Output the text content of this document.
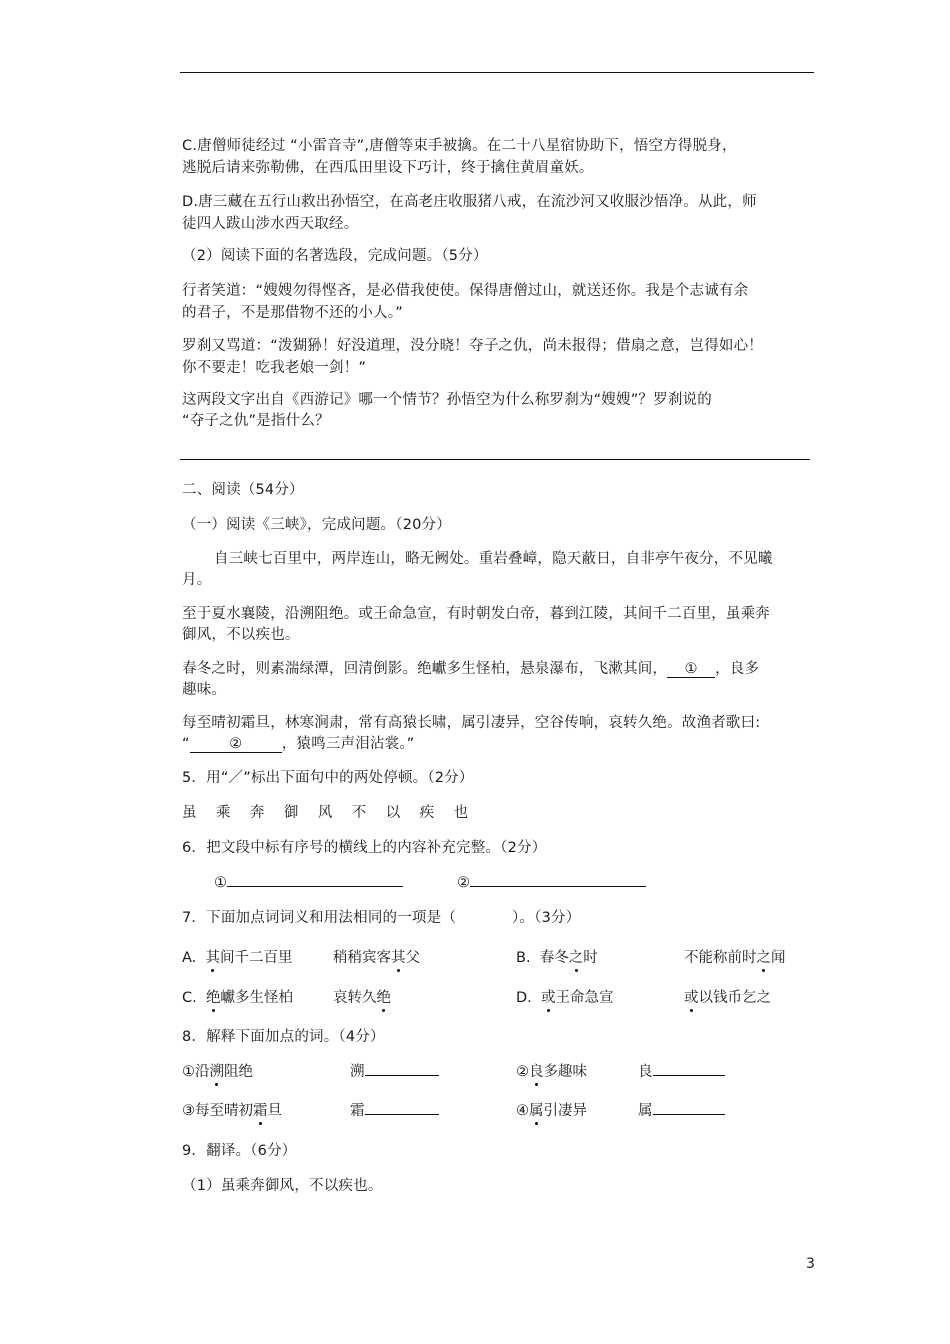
C.唐僧师徒经过 “小雷音寺”,唐僧等束手被擒。在二十八星宿协助下，悟空方得脱身，
逃脱后请来弥勒佛，在西瓜田里设下巧计，终于擒住黄眉童妖。
D.唐三藏在五行山救出孙悟空，在高老庄收服猪八戒，在流沙河又收服沙悟净。从此，师
徒四人跋山涉水西天取经。
（2）阅读下面的名著选段，完成问题。（5分）
行者笑道：“嫂嫂勿得悭吝，是必借我使使。保得唐僧过山，就送还你。我是个志诚有余
的君子，不是那借物不还的小人。”
罗刹又骂道：“泼猢狲！好没道理，没分晓！夺子之仇，尚未报得；借扇之意，岂得如心！
你不要走！吃我老娘一剑！”
这两段文字出自《西游记》哪一个情节？孙悟空为什么称罗刹为“嫂嫂”？罗刹说的
“夺子之仇”是指什么？
二、阅读（54分）
（一）阅读《三峡》，完成问题。（20分）
自三峡七百里中，两岸连山，略无阙处。重岩叠嶂，隐天蔽日，自非亭午夜分，不见曦
月。
至于夏水襄陵，沿溯阻绝。或王命急宣，有时朝发白帝，暮到江陵，其间千二百里，虽乘奔
御风，不以疾也。
春冬之时，则素湍绿潭，回清倒影。绝巘多生怪柏，悬泉瀑布，飞漱其间， ① ，良多
趣味。
每至晴初霜旦，林寒涧肃，常有高猿长啸，属引凄异，空谷传响，哀转久绝。故渔者歌曰:
“	②	，猿鸣三声泪沾裳。”
5．用“／”标出下面句中的两处停顿。（2分）
虽 乘 奔 御 风 不 以 疾 也
6．把文段中标有序号的横线上的内容补充完整。（2分）
①	②
7．下面加点词词义和用法相同的一项是（	）。（3分）
A. 其间千二百里	稍稍宾客其父	B. 春冬之时	不能称前时之闻
C. 绝巘多生怪柏	哀转久绝	D. 或王命急宣	或以钱币乞之
8．解释下面加点的词。（4分）
①沿溯阻绝	溯	②良多趣味	良
③每至晴初霜旦	霜	④属引凄异	属
9．翻译。（6分）
（1）虽乘奔御风，不以疾也。
3
